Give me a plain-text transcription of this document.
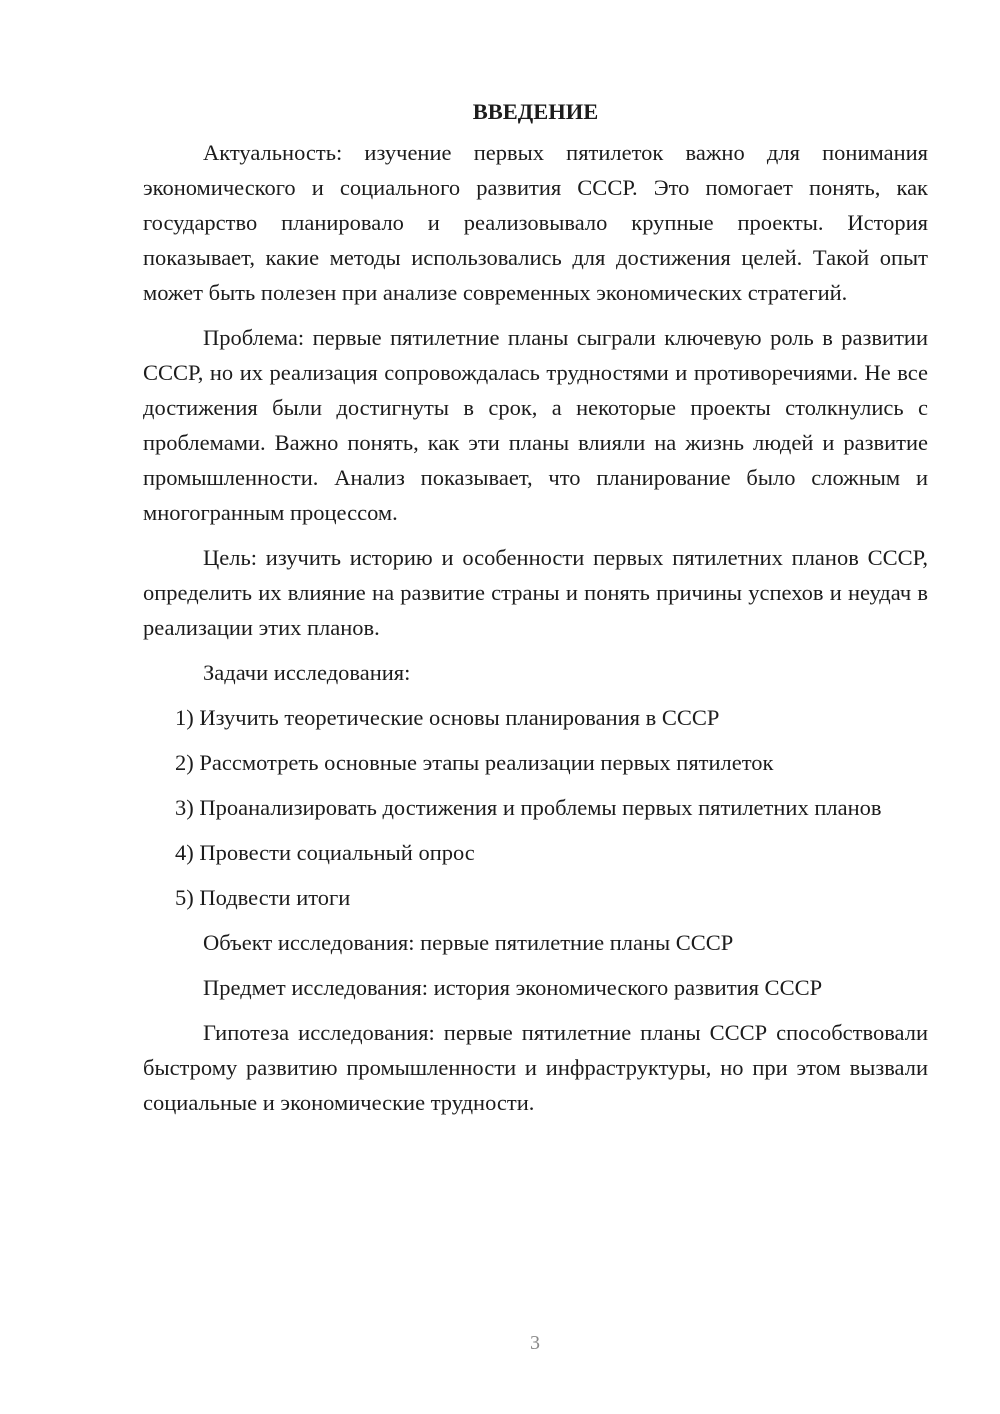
ВВЕДЕНИЕ

Актуальность: изучение первых пятилеток важно для понимания экономического и социального развития СССР. Это помогает понять, как государство планировало и реализовывало крупные проекты. История показывает, какие методы использовались для достижения целей. Такой опыт может быть полезен при анализе современных экономических стратегий.

Проблема: первые пятилетние планы сыграли ключевую роль в развитии СССР, но их реализация сопровождалась трудностями и противоречиями. Не все достижения были достигнуты в срок, а некоторые проекты столкнулись с проблемами. Важно понять, как эти планы влияли на жизнь людей и развитие промышленности. Анализ показывает, что планирование было сложным и многогранным процессом.

Цель: изучить историю и особенности первых пятилетних планов СССР, определить их влияние на развитие страны и понять причины успехов и неудач в реализации этих планов.

Задачи исследования:

1) Изучить теоретические основы планирования в СССР

2) Рассмотреть основные этапы реализации первых пятилеток

3) Проанализировать достижения и проблемы первых пятилетних планов

4) Провести социальный опрос

5) Подвести итоги

Объект исследования: первые пятилетние планы СССР

Предмет исследования: история экономического развития СССР

Гипотеза исследования: первые пятилетние планы СССР способствовали быстрому развитию промышленности и инфраструктуры, но при этом вызвали социальные и экономические трудности.

3
